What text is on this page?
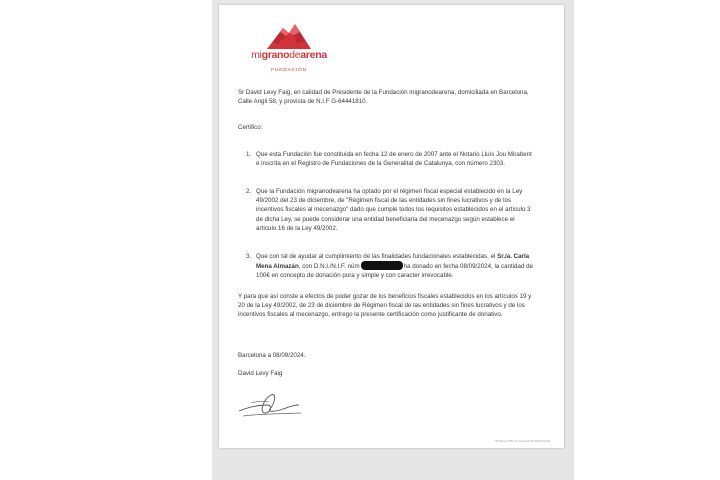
migranodearena
FUNDACIÓN

Sr David Levy Faig, en calidad de Presidente de la Fundación migranodearena, domiciliada en Barcelona, Calle Angli 58, y provista de N.I.F G-64441810.

Certifico:

1. Que esta Fundación fue constituida en fecha 12 de enero de 2007 ante el Notario Lluís Jou Mirabent e inscrita en el Registro de Fundaciones de la Generalitat de Catalunya, con número 2303.
2. Que la Fundación migranodearena ha optado por el régimen fiscal especial establecido en la Ley 49/2002 del 23 de diciembre, de "Régimen fiscal de las entidades sin fines lucrativos y de los incentivos fiscales al mecenazgo" dado que cumple todos los requisitos establecidos en el artículo 3 de dicha Ley, se puede considerar una entidad beneficiaria del mecenazgo según establece el artículo 16 de la Ley 49/2002.
3. Que con tal de ayudar al cumplimiento de las finalidades fundacionales establecidas, el Sr./a. Carla Mena Almazán, con D.N.I./N.I.F. núm	ha donado en fecha 08/09/2024, la cantidad de 100€ en concepto de donación pura y simple y con caracter irrevocable.

Y para que así conste a efectos de poder gozar de los beneficios fiscales establecidos en los artículos 19 y 20 de la Ley 49/2002, de 23 de diciembre de Régimen fiscal de las entidades sin fines lucrativos y de los incentivos fiscales al mecenazgo, entrego la presente certificación como justificante de donativo.

Barcelona a 08/09/2024.

David Levy Faig

7f6f2ba4-f5fb-4cc9-9e42-6b30f6f04a48
